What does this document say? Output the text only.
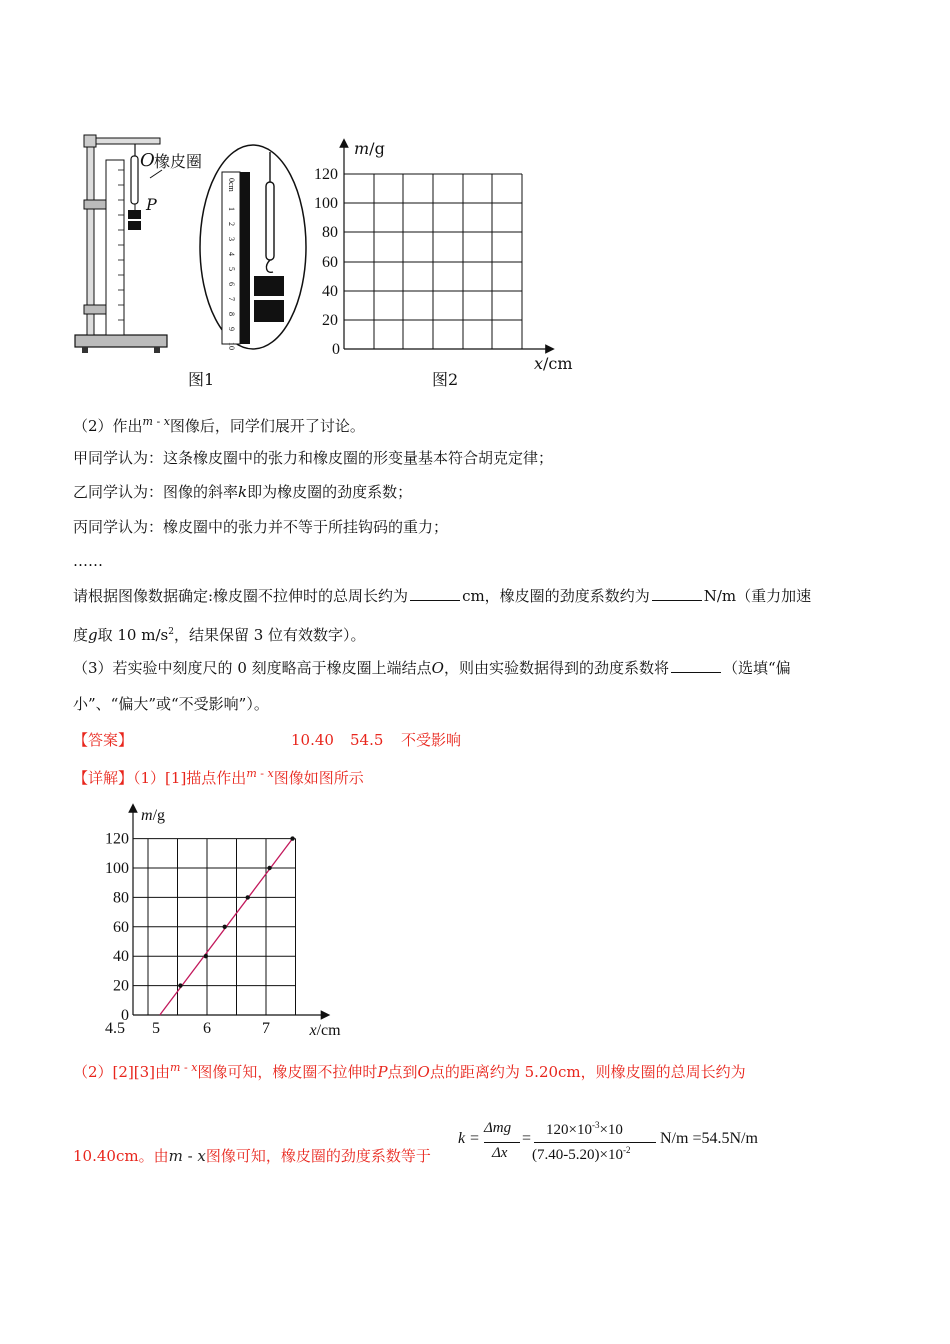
O 橡皮圈
P
0cm
1
2
3
4
5
6
7
8
9
10
图1
m/g
x/cm
120
100
80
60
40
20
0
图2
（2）作出$^m$ - $^x$图像后，同学们展开了讨论。
甲同学认为：这条橡皮圈中的张力和橡皮圈的形变量基本符合胡克定律；
乙同学认为：图像的斜率k即为橡皮圈的劲度系数；
丙同学认为：橡皮圈中的张力并不等于所挂钩码的重力；
……
请根据图像数据确定:橡皮圈不拉伸时的总周长约为	cm，橡皮圈的劲度系数约为	N/m（重力加速
度g取 10 $m/s^2$，结果保留 3 位有效数字）。
（3）若实验中刻度尺的 0 刻度略高于橡皮圈上端结点O，则由实验数据得到的劲度系数将	（选填“偏
小”、“偏大”或“不受影响”）。
【答案】	10.40 54.5 不受影响
【详解】（1）[1]描点作出$^m$ - $^x$图像如图所示
0
20
40
60
80
100
120
4.5 5	6	7
m/g
x/cm
（2）[2][3]由$^m$ - $^x$图像可知，橡皮圈不拉伸时P点到O点的距离约为 5.20cm，则橡皮圈的总周长约为
10.40cm。由m - x图像可知，橡皮圈的劲度系数等于
k =
Δmg
Δx
= $120\times 10^{-3}\times 10$
$(7.40-5.20)\times 10^{-2}$
N/m =54.5N/m
